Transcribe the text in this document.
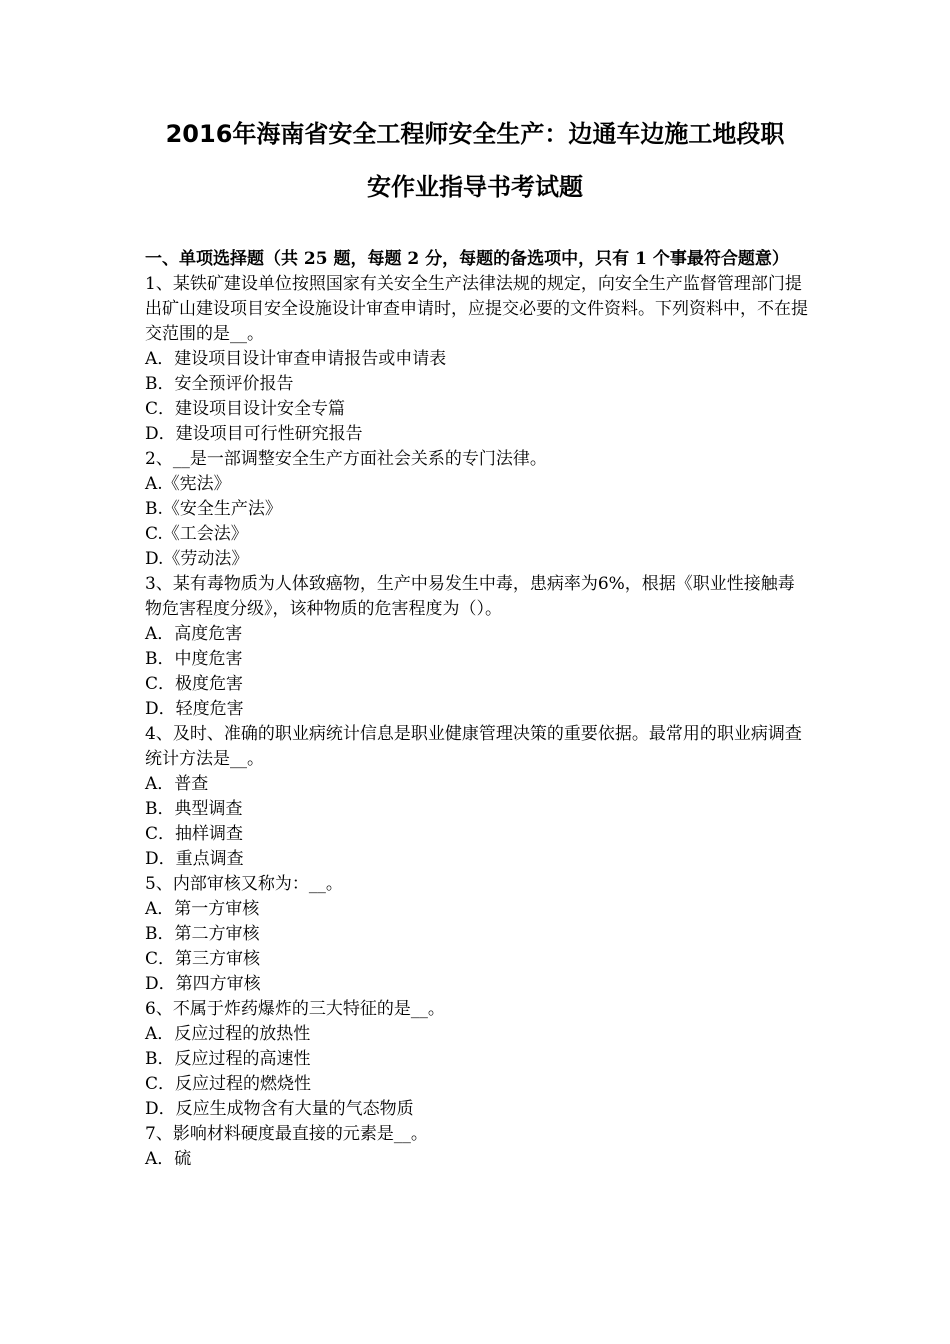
2016年海南省安全工程师安全生产：边通车边施工地段职
安作业指导书考试题

一、单项选择题（共 25 题，每题 2 分，每题的备选项中，只有 1 个事最符合题意）

1、某铁矿建设单位按照国家有关安全生产法律法规的规定，向安全生产监督管理部门提出矿山建设项目安全设施设计审查申请时，应提交必要的文件资料。下列资料中，不在提交范围的是__。

A．建设项目设计审查申请报告或申请表

B．安全预评价报告

C．建设项目设计安全专篇

D．建设项目可行性研究报告

2、__是一部调整安全生产方面社会关系的专门法律。

A.《宪法》

B.《安全生产法》

C.《工会法》

D.《劳动法》

3、某有毒物质为人体致癌物，生产中易发生中毒，患病率为6%，根据《职业性接触毒物危害程度分级》，该种物质的危害程度为（）。

A．高度危害

B．中度危害

C．极度危害

D．轻度危害

4、及时、准确的职业病统计信息是职业健康管理决策的重要依据。最常用的职业病调查统计方法是__。

A．普查

B．典型调查

C．抽样调查

D．重点调查

5、内部审核又称为：__。

A．第一方审核

B．第二方审核

C．第三方审核

D．第四方审核

6、不属于炸药爆炸的三大特征的是__。

A．反应过程的放热性

B．反应过程的高速性

C．反应过程的燃烧性

D．反应生成物含有大量的气态物质

7、影响材料硬度最直接的元素是__。

A．硫
